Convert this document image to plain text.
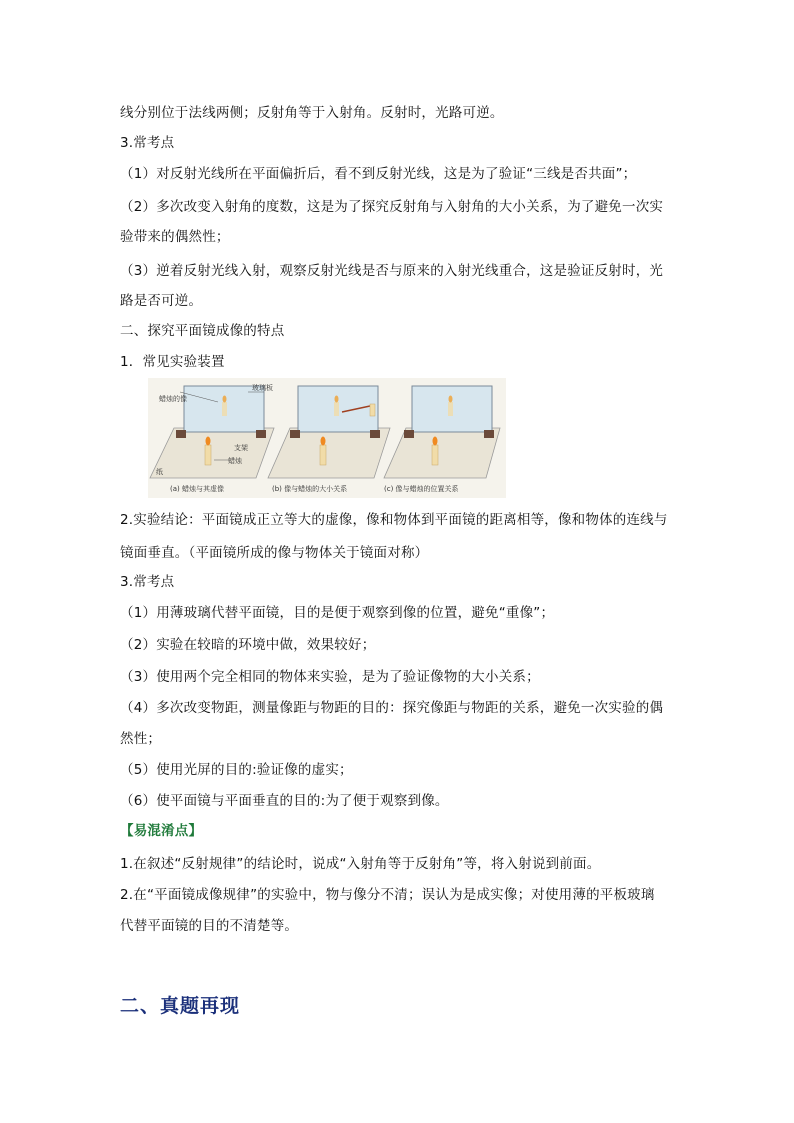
线分别位于法线两侧；反射角等于入射角。反射时，光路可逆。
3.常考点
（1）对反射光线所在平面偏折后，看不到反射光线，这是为了验证“三线是否共面”；
（2）多次改变入射角的度数，这是为了探究反射角与入射角的大小关系，为了避免一次实
验带来的偶然性；
（3）逆着反射光线入射，观察反射光线是否与原来的入射光线重合，这是验证反射时，光
路是否可逆。
二、探究平面镜成像的特点
1．常见实验装置
蜡烛的像
玻璃板
支架
蜡烛
纸
(a) 蜡烛与其虚像	(b) 像与蜡烛的大小关系	(c) 像与蜡烛的位置关系
2.实验结论：平面镜成正立等大的虚像，像和物体到平面镜的距离相等，像和物体的连线与
镜面垂直。（平面镜所成的像与物体关于镜面对称）
3.常考点
（1）用薄玻璃代替平面镜，目的是便于观察到像的位置，避免“重像”；
（2）实验在较暗的环境中做，效果较好；
（3）使用两个完全相同的物体来实验，是为了验证像物的大小关系；
（4）多次改变物距，测量像距与物距的目的：探究像距与物距的关系，避免一次实验的偶
然性；
（5）使用光屏的目的:验证像的虚实；
（6）使平面镜与平面垂直的目的:为了便于观察到像。
【易混淆点】
1.在叙述“反射规律”的结论时，说成“入射角等于反射角”等，将入射说到前面。
2.在“平面镜成像规律”的实验中，物与像分不清；误认为是成实像；对使用薄的平板玻璃
代替平面镜的目的不清楚等。
二、真题再现
